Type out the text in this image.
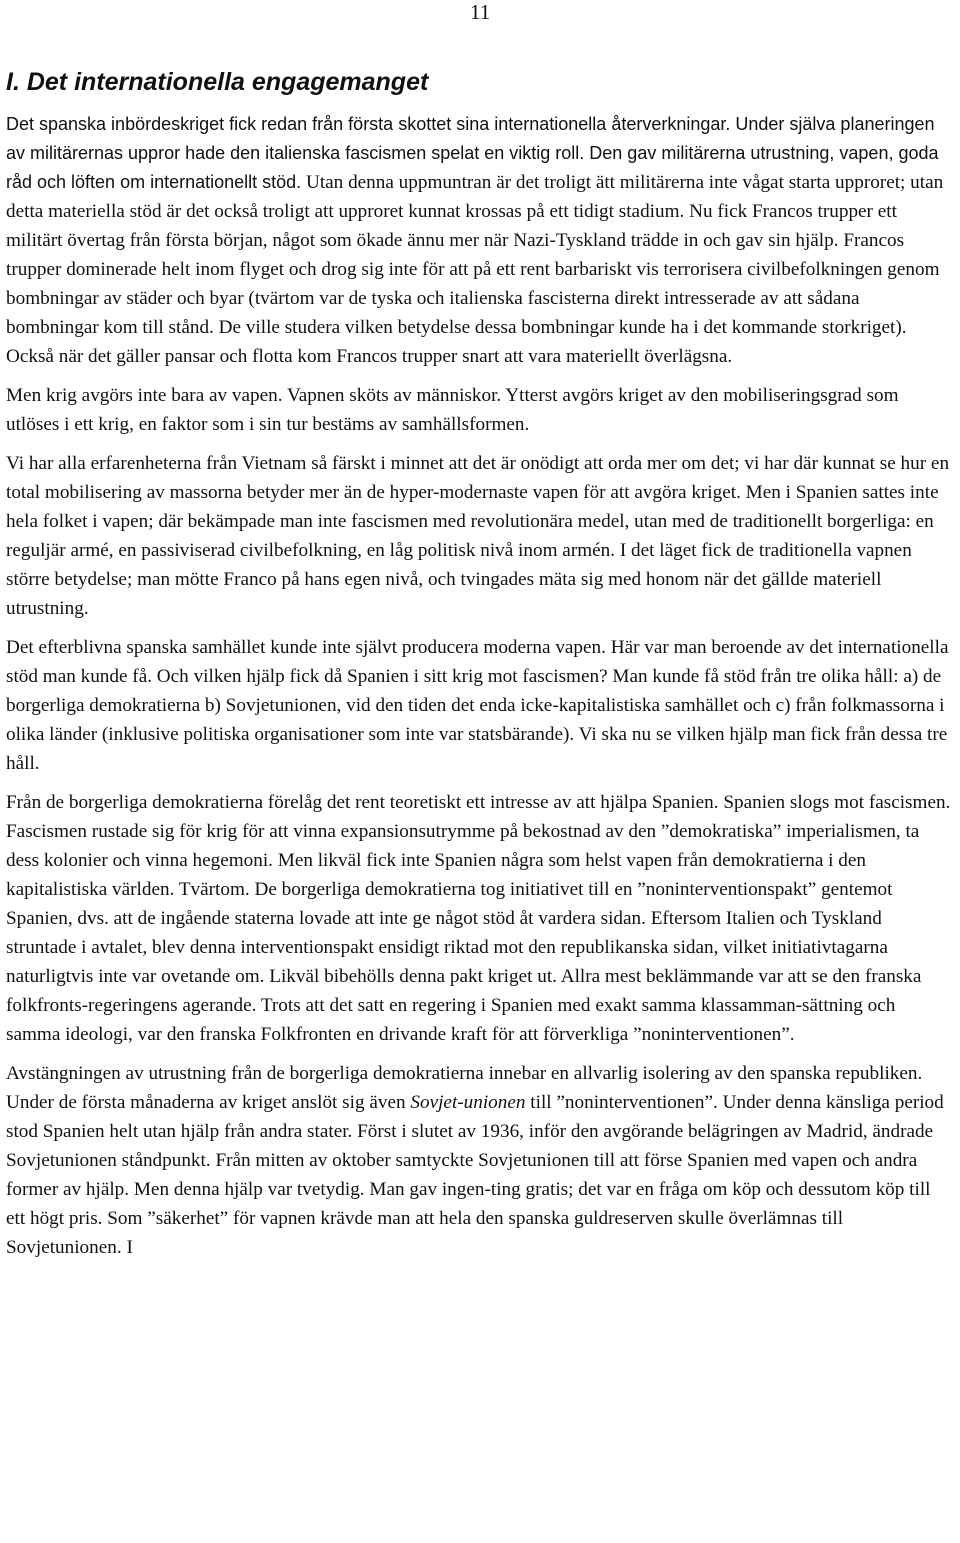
11
I. Det internationella engagemanget

Det spanska inbördeskriget fick redan från första skottet sina internationella återverkningar. Under själva planeringen av militärernas uppror hade den italienska fascismen spelat en viktig roll. Den gav militärerna utrustning, vapen, goda råd och löften om internationellt stöd. Utan denna uppmuntran är det troligt ätt militärerna inte vågat starta upproret; utan detta materiella stöd är det också troligt att upproret kunnat krossas på ett tidigt stadium. Nu fick Francos trupper ett militärt övertag från första början, något som ökade ännu mer när Nazi-Tyskland trädde in och gav sin hjälp. Francos trupper dominerade helt inom flyget och drog sig inte för att på ett rent barbariskt vis terrorisera civilbefolkningen genom bombningar av städer och byar (tvärtom var de tyska och italienska fascisterna direkt intresserade av att sådana bombningar kom till stånd. De ville studera vilken betydelse dessa bombningar kunde ha i det kommande storkriget). Också när det gäller pansar och flotta kom Francos trupper snart att vara materiellt överlägsna.

Men krig avgörs inte bara av vapen. Vapnen sköts av människor. Ytterst avgörs kriget av den mobiliseringsgrad som utlöses i ett krig, en faktor som i sin tur bestäms av samhällsformen.

Vi har alla erfarenheterna från Vietnam så färskt i minnet att det är onödigt att orda mer om det; vi har där kunnat se hur en total mobilisering av massorna betyder mer än de hyper-modernaste vapen för att avgöra kriget. Men i Spanien sattes inte hela folket i vapen; där bekämpade man inte fascismen med revolutionära medel, utan med de traditionellt borgerliga: en reguljär armé, en passiviserad civilbefolkning, en låg politisk nivå inom armén. I det läget fick de traditionella vapnen större betydelse; man mötte Franco på hans egen nivå, och tvingades mäta sig med honom när det gällde materiell utrustning.

Det efterblivna spanska samhället kunde inte självt producera moderna vapen. Här var man beroende av det internationella stöd man kunde få. Och vilken hjälp fick då Spanien i sitt krig mot fascismen? Man kunde få stöd från tre olika håll: a) de borgerliga demokratierna b) Sovjetunionen, vid den tiden det enda icke-kapitalistiska samhället och c) från folkmassorna i olika länder (inklusive politiska organisationer som inte var statsbärande). Vi ska nu se vilken hjälp man fick från dessa tre håll.

Från de borgerliga demokratierna förelåg det rent teoretiskt ett intresse av att hjälpa Spanien. Spanien slogs mot fascismen. Fascismen rustade sig för krig för att vinna expansionsutrymme på bekostnad av den ”demokratiska” imperialismen, ta dess kolonier och vinna hegemoni. Men likväl fick inte Spanien några som helst vapen från demokratierna i den kapitalistiska världen. Tvärtom. De borgerliga demokratierna tog initiativet till en ”noninterventionspakt” gentemot Spanien, dvs. att de ingående staterna lovade att inte ge något stöd åt vardera sidan. Eftersom Italien och Tyskland struntade i avtalet, blev denna interventionspakt ensidigt riktad mot den republikanska sidan, vilket initiativtagarna naturligtvis inte var ovetande om. Likväl bibehölls denna pakt kriget ut. Allra mest beklämmande var att se den franska folkfronts-regeringens agerande. Trots att det satt en regering i Spanien med exakt samma klassamman-sättning och samma ideologi, var den franska Folkfronten en drivande kraft för att förverkliga ”noninterventionen”.

Avstängningen av utrustning från de borgerliga demokratierna innebar en allvarlig isolering av den spanska republiken. Under de första månaderna av kriget anslöt sig även Sovjet-unionen till ”noninterventionen”. Under denna känsliga period stod Spanien helt utan hjälp från andra stater. Först i slutet av 1936, inför den avgörande belägringen av Madrid, ändrade Sovjetunionen ståndpunkt. Från mitten av oktober samtyckte Sovjetunionen till att förse Spanien med vapen och andra former av hjälp. Men denna hjälp var tvetydig. Man gav ingen-ting gratis; det var en fråga om köp och dessutom köp till ett högt pris. Som ”säkerhet” för vapnen krävde man att hela den spanska guldreserven skulle överlämnas till Sovjetunionen. I
